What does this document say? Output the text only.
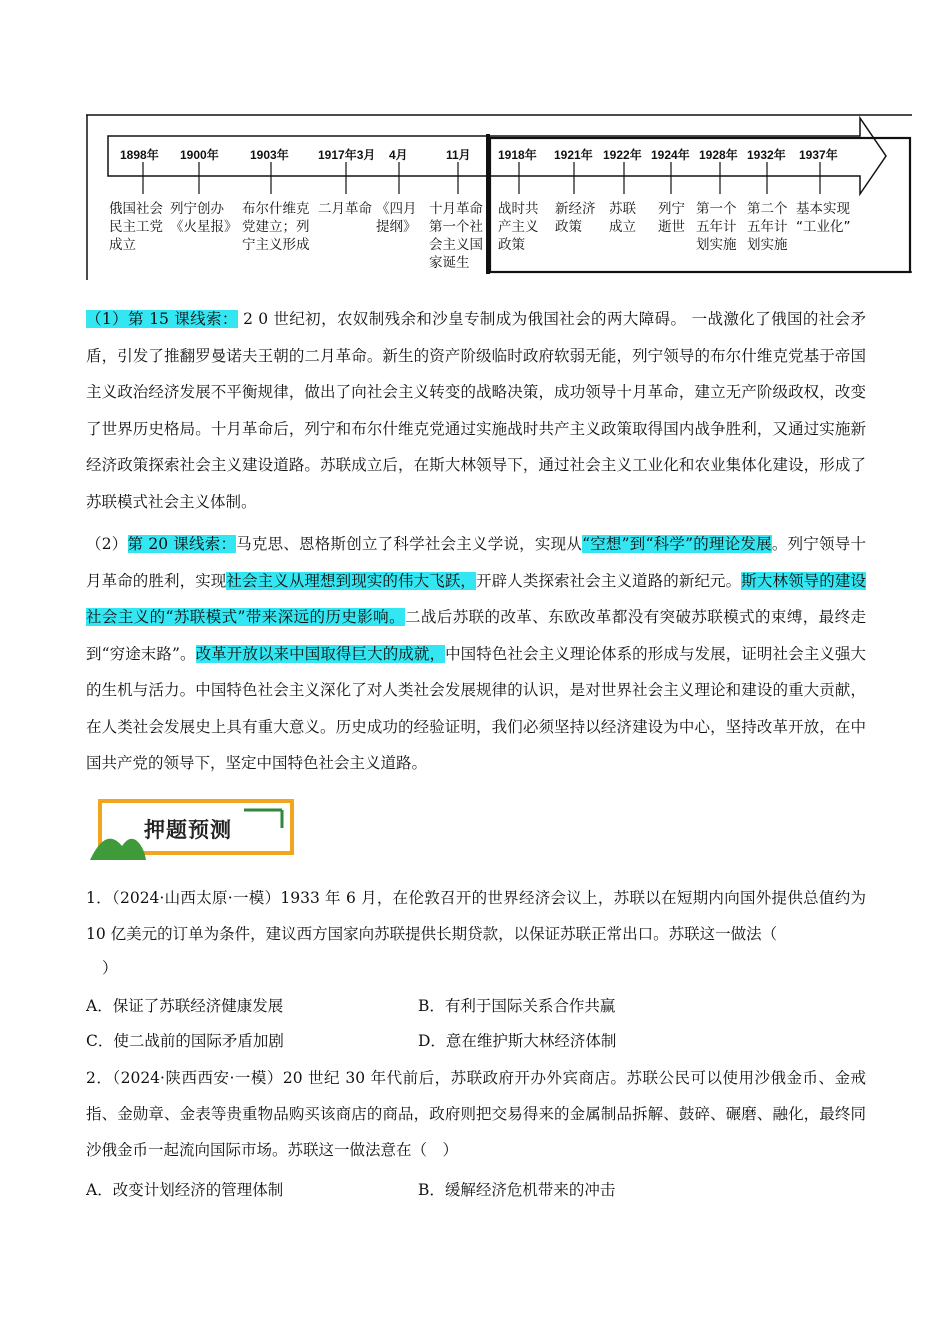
1898年 1900年	1903年 1917年3月 4月	11月 1918年 1921年 1922年 1924年 1928年 1932年 1937年
俄国社会
民主工党
成立
列宁创办
《火星报》
布尔什维克
党建立；列
宁主义形成
二月革命 《四月
提纲》
十月革命
第一个社
会主义国
家诞生
战时共
产主义
政策
新经济
政策
苏联
成立
列宁
逝世
第一个
五年计
划实施
第二个
五年计
划实施
基本实现
“工业化”
（1）第 15 课线索： 2 0 世纪初，农奴制残余和沙皇专制成为俄国社会的两大障碍。 一战激化了俄国的社会矛盾，引发了推翻罗曼诺夫王朝的二月革命。新生的资产阶级临时政府软弱无能，列宁领导的布尔什维克党基于帝国主义政治经济发展不平衡规律，做出了向社会主义转变的战略决策，成功领导十月革命，建立无产阶级政权，改变了世界历史格局。十月革命后，列宁和布尔什维克党通过实施战时共产主义政策取得国内战争胜利，又通过实施新经济政策探索社会主义建设道路。苏联成立后，在斯大林领导下，通过社会主义工业化和农业集体化建设，形成了苏联模式社会主义体制。
（2）第 20 课线索：马克思、恩格斯创立了科学社会主义学说，实现从“空想”到“科学”的理论发展。列宁领导十月革命的胜利，实现社会主义从理想到现实的伟大飞跃，开辟人类探索社会主义道路的新纪元。斯大林领导的建设社会主义的“苏联模式”带来深远的历史影响。二战后苏联的改革、东欧改革都没有突破苏联模式的束缚，最终走到“穷途末路”。改革开放以来中国取得巨大的成就，中国特色社会主义理论体系的形成与发展，证明社会主义强大的生机与活力。中国特色社会主义深化了对人类社会发展规律的认识，是对世界社会主义理论和建设的重大贡献，在人类社会发展史上具有重大意义。历史成功的经验证明，我们必须坚持以经济建设为中心，坚持改革开放，在中国共产党的领导下，坚定中国特色社会主义道路。
押题预测
1．（2024·山西太原·一模）1933 年 6 月，在伦敦召开的世界经济会议上，苏联以在短期内向国外提供总值约为 10 亿美元的订单为条件，建议西方国家向苏联提供长期贷款，以保证苏联正常出口。苏联这一做法（
）
A．保证了苏联经济健康发展	B．有利于国际关系合作共赢
C．使二战前的国际矛盾加剧	D．意在维护斯大林经济体制
2．（2024·陕西西安·一模）20 世纪 30 年代前后，苏联政府开办外宾商店。苏联公民可以使用沙俄金币、金戒指、金勋章、金表等贵重物品购买该商店的商品，政府则把交易得来的金属制品拆解、鼓碎、碾磨、融化，最终同沙俄金币一起流向国际市场。苏联这一做法意在（　）
A．改变计划经济的管理体制	B．缓解经济危机带来的冲击
